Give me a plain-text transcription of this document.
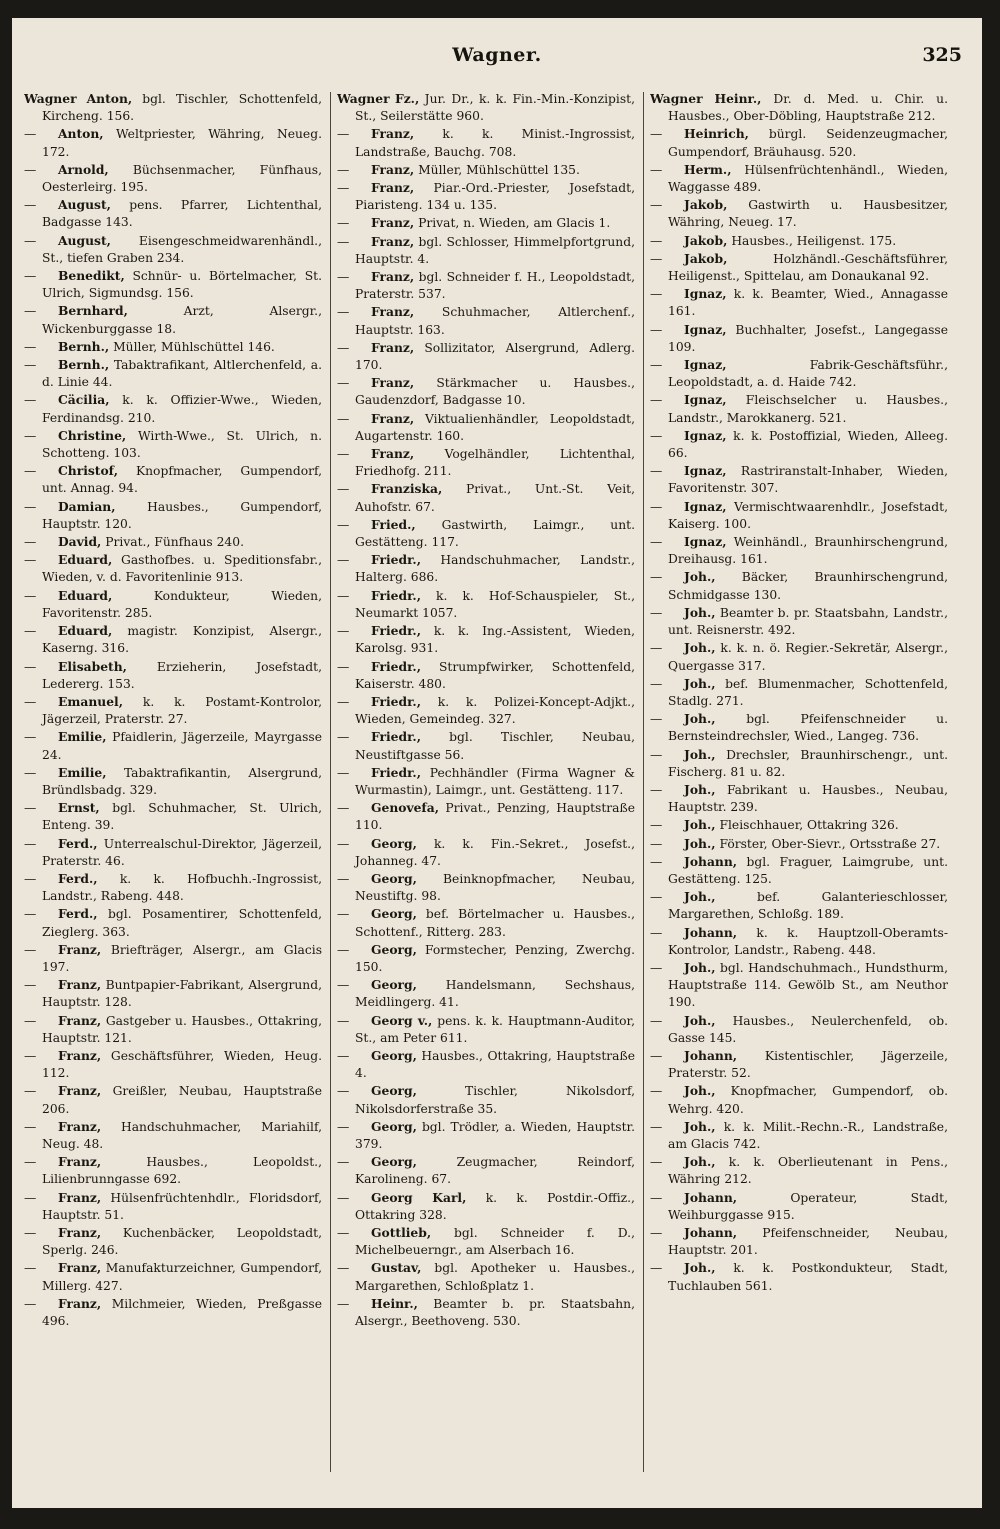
Wagner.	325

Wagner Anton, bgl. Tischler, Schottenfeld, Kircheng. 156.

— Anton, Weltpriester, Währing, Neueg. 172.

— Arnold, Büchsenmacher, Fünfhaus, Oesterleirg. 195.

— August, pens. Pfarrer, Lichtenthal, Badgasse 143.

— August, Eisengeschmeidwarenhändl., St., tiefen Graben 234.

— Benedikt, Schnür- u. Börtelmacher, St. Ulrich, Sigmundsg. 156.

— Bernhard,	Arzt, Alsergr., Wickenburggasse 18.

— Bernh., Müller, Mühlschüttel 146.

— Bernh., Tabaktrafikant, Altlerchenfeld, a. d. Linie 44.

— Cäcilia, k. k. Offizier-Wwe., Wieden, Ferdinandsg. 210.

— Christine, Wirth-Wwe., St. Ulrich, n. Schotteng. 103.

— Christof, Knopfmacher, Gumpendorf, unt. Annag. 94.

— Damian,	Hausbes., Gumpendorf, Hauptstr. 120.

— David, Privat., Fünfhaus 240.

— Eduard, Gasthofbes. u. Speditionsfabr., Wieden, v. d. Favoritenlinie 913.

— Eduard,	Kondukteur, Wieden, Favoritenstr. 285.

— Eduard, magistr. Konzipist, Alsergr., Kaserng. 316.

— Elisabeth, Erzieherin, Josefstadt, Ledererg. 153.

— Emanuel, k. k. Postamt-Kontrolor, Jägerzeil, Praterstr. 27.

— Emilie, Pfaidlerin, Jägerzeile, Mayrgasse 24.

— Emilie, Tabaktrafikantin, Alsergrund, Bründlsbadg. 329.

— Ernst, bgl. Schuhmacher, St. Ulrich, Enteng. 39.

— Ferd., Unterrealschul-Direktor, Jägerzeil, Praterstr. 46.

— Ferd., k. k. Hofbuchh.-Ingrossist, Landstr., Rabeng. 448.

— Ferd., bgl. Posamentirer, Schottenfeld, Zieglerg. 363.

— Franz, Briefträger, Alsergr., am Glacis 197.

— Franz, Buntpapier-Fabrikant, Alsergrund, Hauptstr. 128.

— Franz, Gastgeber u. Hausbes., Ottakring, Hauptstr. 121.

— Franz, Geschäftsführer, Wieden, Heug. 112.

— Franz, Greißler, Neubau, Hauptstraße 206.

— Franz, Handschuhmacher, Mariahilf, Neug. 48.

— Franz,	Hausbes., Leopoldst., Lilienbrunngasse 692.

— Franz, Hülsenfrüchtenhdlr., Floridsdorf, Hauptstr. 51.

— Franz, Kuchenbäcker, Leopoldstadt, Sperlg. 246.

— Franz, Manufakturzeichner, Gumpendorf, Millerg. 427.

— Franz, Milchmeier, Wieden, Preßgasse 496.

Wagner Fz., Jur. Dr., k. k. Fin.-Min.-Konzipist, St., Seilerstätte 960.

— Franz, k. k. Minist.-Ingrossist, Landstraße, Bauchg. 708.

— Franz, Müller, Mühlschüttel 135.

— Franz, Piar.-Ord.-Priester, Josefstadt, Piaristeng. 134 u. 135.

— Franz, Privat, n. Wieden, am Glacis 1.

— Franz, bgl. Schlosser, Himmelpfortgrund, Hauptstr. 4.

— Franz, bgl. Schneider f. H., Leopoldstadt, Praterstr. 537.

— Franz, Schuhmacher, Altlerchenf., Hauptstr. 163.

— Franz, Sollizitator, Alsergrund, Adlerg. 170.

— Franz, Stärkmacher u. Hausbes., Gaudenzdorf, Badgasse 10.

— Franz, Viktualienhändler, Leopoldstadt, Augartenstr. 160.

— Franz, Vogelhändler, Lichtenthal, Friedhofg. 211.

— Franziska, Privat., Unt.-St. Veit, Auhofstr. 67.

— Fried., Gastwirth, Laimgr., unt. Gestätteng. 117.

— Friedr., Handschuhmacher, Landstr., Halterg. 686.

— Friedr., k. k. Hof-Schauspieler, St., Neumarkt 1057.

— Friedr., k. k. Ing.-Assistent, Wieden, Karolsg. 931.

— Friedr., Strumpfwirker, Schottenfeld, Kaiserstr. 480.

— Friedr., k. k. Polizei-Koncept-Adjkt., Wieden, Gemeindeg. 327.

— Friedr., bgl. Tischler, Neubau, Neustiftgasse 56.

— Friedr., Pechhändler (Firma Wagner & Wurmastin), Laimgr., unt. Gestätteng. 117.

— Genovefa, Privat., Penzing, Hauptstraße 110.

— Georg, k. k. Fin.-Sekret., Josefst., Johanneg. 47.

— Georg, Beinknopfmacher, Neubau, Neustiftg. 98.

— Georg, bef. Börtelmacher u. Hausbes., Schottenf., Ritterg. 283.

— Georg, Formstecher, Penzing, Zwerchg. 150.

— Georg, Handelsmann, Sechshaus, Meidlingerg. 41.

— Georg v., pens. k. k. Hauptmann-Auditor, St., am Peter 611.

— Georg, Hausbes., Ottakring, Hauptstraße 4.

— Georg,	Tischler, Nikolsdorf, Nikolsdorferstraße 35.

— Georg, bgl. Trödler, a. Wieden, Hauptstr. 379.

— Georg,	Zeugmacher, Reindorf, Karolineng. 67.

— Georg Karl, k. k. Postdir.-Offiz., Ottakring 328.

— Gottlieb, bgl. Schneider f. D., Michelbeuerngr., am Alserbach 16.

— Gustav, bgl. Apotheker u. Hausbes., Margarethen, Schloßplatz 1.

— Heinr., Beamter b. pr. Staatsbahn, Alsergr., Beethoveng. 530.

Wagner Heinr., Dr. d. Med. u. Chir. u. Hausbes., Ober-Döbling, Hauptstraße 212.

— Heinrich, bürgl. Seidenzeugmacher, Gumpendorf, Bräuhausg. 520.

— Herm., Hülsenfrüchtenhändl., Wieden, Waggasse 489.

— Jakob, Gastwirth u. Hausbesitzer, Währing, Neueg. 17.

— Jakob, Hausbes., Heiligenst. 175.

— Jakob,	Holzhändl.-Geschäftsführer, Heiligenst., Spittelau, am Donaukanal 92.

— Ignaz, k. k. Beamter, Wied., Annagasse 161.

— Ignaz, Buchhalter, Josefst., Langegasse 109.

— Ignaz,	Fabrik-Geschäftsführ., Leopoldstadt, a. d. Haide 742.

— Ignaz, Fleischselcher u. Hausbes., Landstr., Marokkanerg. 521.

— Ignaz, k. k. Postoffizial, Wieden, Alleeg. 66.

— Ignaz, Rastriranstalt-Inhaber, Wieden, Favoritenstr. 307.

— Ignaz, Vermischtwaarenhdlr., Josefstadt, Kaiserg. 100.

— Ignaz, Weinhändl., Braunhirschengrund, Dreihausg. 161.

— Joh., Bäcker, Braunhirschengrund, Schmidgasse 130.

— Joh., Beamter b. pr. Staatsbahn, Landstr., unt. Reisnerstr. 492.

— Joh., k. k. n. ö. Regier.-Sekretär, Alsergr., Quergasse 317.

— Joh., bef. Blumenmacher, Schottenfeld, Stadlg. 271.

— Joh., bgl. Pfeifenschneider u. Bernsteindrechsler, Wied., Langeg. 736.

— Joh., Drechsler, Braunhirschengr., unt. Fischerg. 81 u. 82.

— Joh., Fabrikant u. Hausbes., Neubau, Hauptstr. 239.

— Joh., Fleischhauer, Ottakring 326.

— Joh., Förster, Ober-Sievr., Ortsstraße 27.

— Johann, bgl. Fraguer, Laimgrube, unt. Gestätteng. 125.

— Joh.,	bef. Galanterieschlosser, Margarethen, Schloßg. 189.

— Johann, k. k. Hauptzoll-Oberamts-Kontrolor, Landstr., Rabeng. 448.

— Joh., bgl. Handschuhmach., Hundsthurm, Hauptstraße 114. Gewölb St., am Neuthor 190.

— Joh., Hausbes., Neulerchenfeld, ob. Gasse 145.

— Johann, Kistentischler, Jägerzeile, Praterstr. 52.

— Joh., Knopfmacher, Gumpendorf, ob. Wehrg. 420.

— Joh., k. k. Milit.-Rechn.-R., Landstraße, am Glacis 742.

— Joh., k. k. Oberlieutenant in Pens., Währing 212.

— Johann,	Operateur, Stadt, Weihburggasse 915.

— Johann, Pfeifenschneider, Neubau, Hauptstr. 201.

— Joh., k. k. Postkondukteur, Stadt, Tuchlauben 561.
